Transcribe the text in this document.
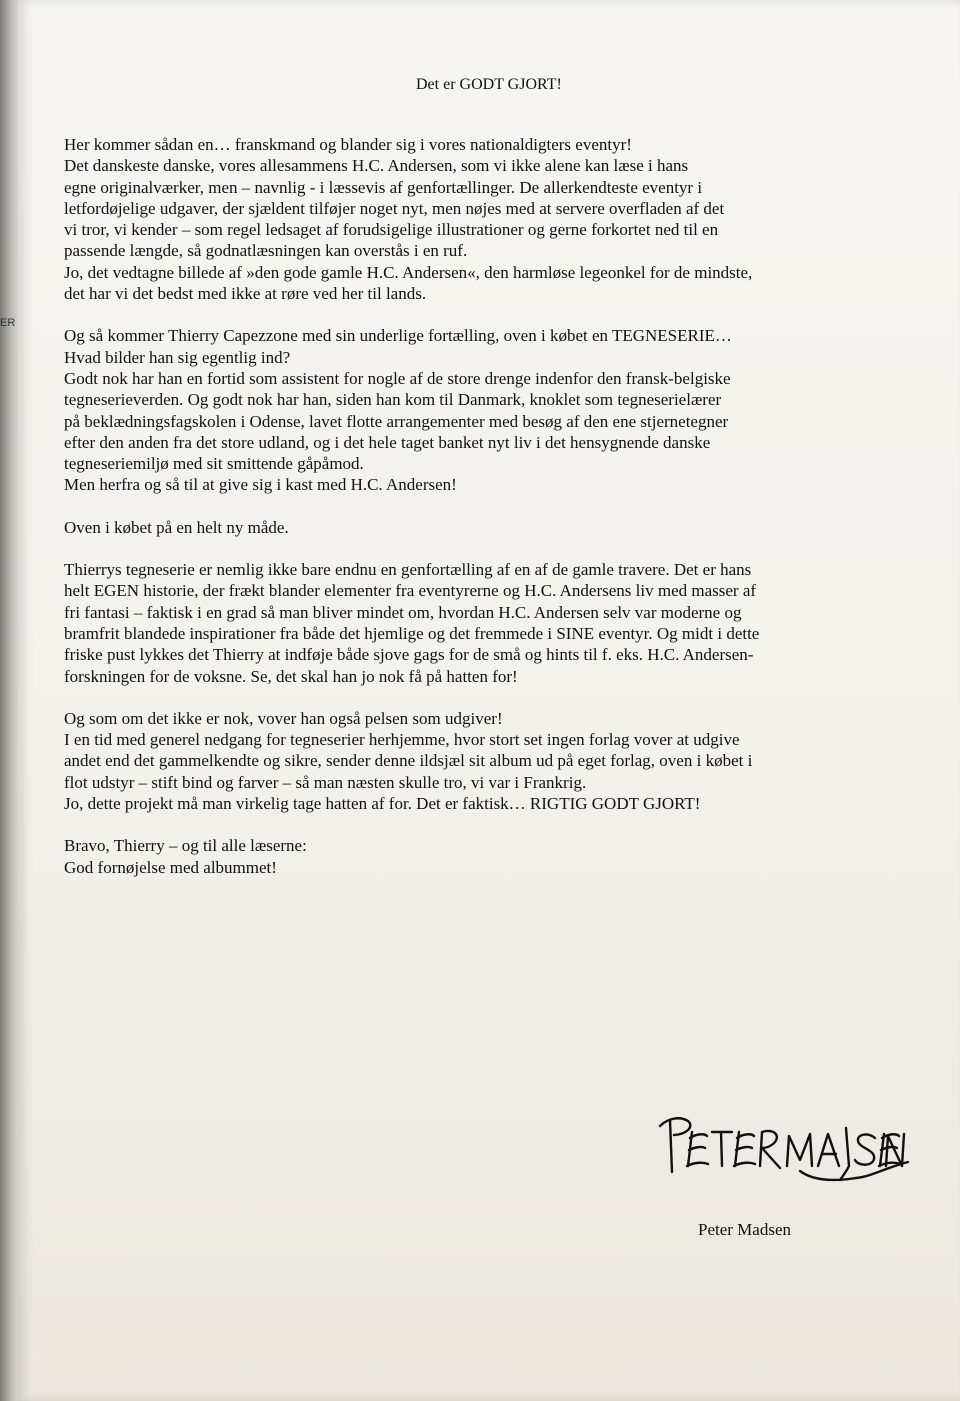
ER
Det er GODT GJORT!
Her kommer sådan en… franskmand og blander sig i vores nationaldigters eventyr!
Det danskeste danske, vores allesammens H.C. Andersen, som vi ikke alene kan læse i hans
egne originalværker, men – navnlig - i læssevis af genfortællinger. De allerkendteste eventyr i
letfordøjelige udgaver, der sjældent tilføjer noget nyt, men nøjes med at servere overfladen af det
vi tror, vi kender – som regel ledsaget af forudsigelige illustrationer og gerne forkortet ned til en
passende længde, så godnatlæsningen kan overstås i en ruf.
Jo, det vedtagne billede af »den gode gamle H.C. Andersen«, den harmløse legeonkel for de mindste,
det har vi det bedst med ikke at røre ved her til lands.
Og så kommer Thierry Capezzone med sin underlige fortælling, oven i købet en TEGNESERIE…
Hvad bilder han sig egentlig ind?
Godt nok har han en fortid som assistent for nogle af de store drenge indenfor den fransk-belgiske
tegneserieverden. Og godt nok har han, siden han kom til Danmark, knoklet som tegneserielærer
på beklædningsfagskolen i Odense, lavet flotte arrangementer med besøg af den ene stjernetegner
efter den anden fra det store udland, og i det hele taget banket nyt liv i det hensygnende danske
tegneseriemiljø med sit smittende gåpåmod.
Men herfra og så til at give sig i kast med H.C. Andersen!
Oven i købet på en helt ny måde.
Thierrys tegneserie er nemlig ikke bare endnu en genfortælling af en af de gamle travere. Det er hans
helt EGEN historie, der frækt blander elementer fra eventyrerne og H.C. Andersens liv med masser af
fri fantasi – faktisk i en grad så man bliver mindet om, hvordan H.C. Andersen selv var moderne og
bramfrit blandede inspirationer fra både det hjemlige og det fremmede i SINE eventyr. Og midt i dette
friske pust lykkes det Thierry at indføje både sjove gags for de små og hints til f. eks. H.C. Andersen-
forskningen for de voksne. Se, det skal han jo nok få på hatten for!
Og som om det ikke er nok, vover han også pelsen som udgiver!
I en tid med generel nedgang for tegneserier herhjemme, hvor stort set ingen forlag vover at udgive
andet end det gammelkendte og sikre, sender denne ildsjæl sit album ud på eget forlag, oven i købet i
flot udstyr – stift bind og farver – så man næsten skulle tro, vi var i Frankrig.
Jo, dette projekt må man virkelig tage hatten af for. Det er faktisk… RIGTIG GODT GJORT!
Bravo, Thierry – og til alle læserne:
God fornøjelse med albummet!
Peter Madsen
